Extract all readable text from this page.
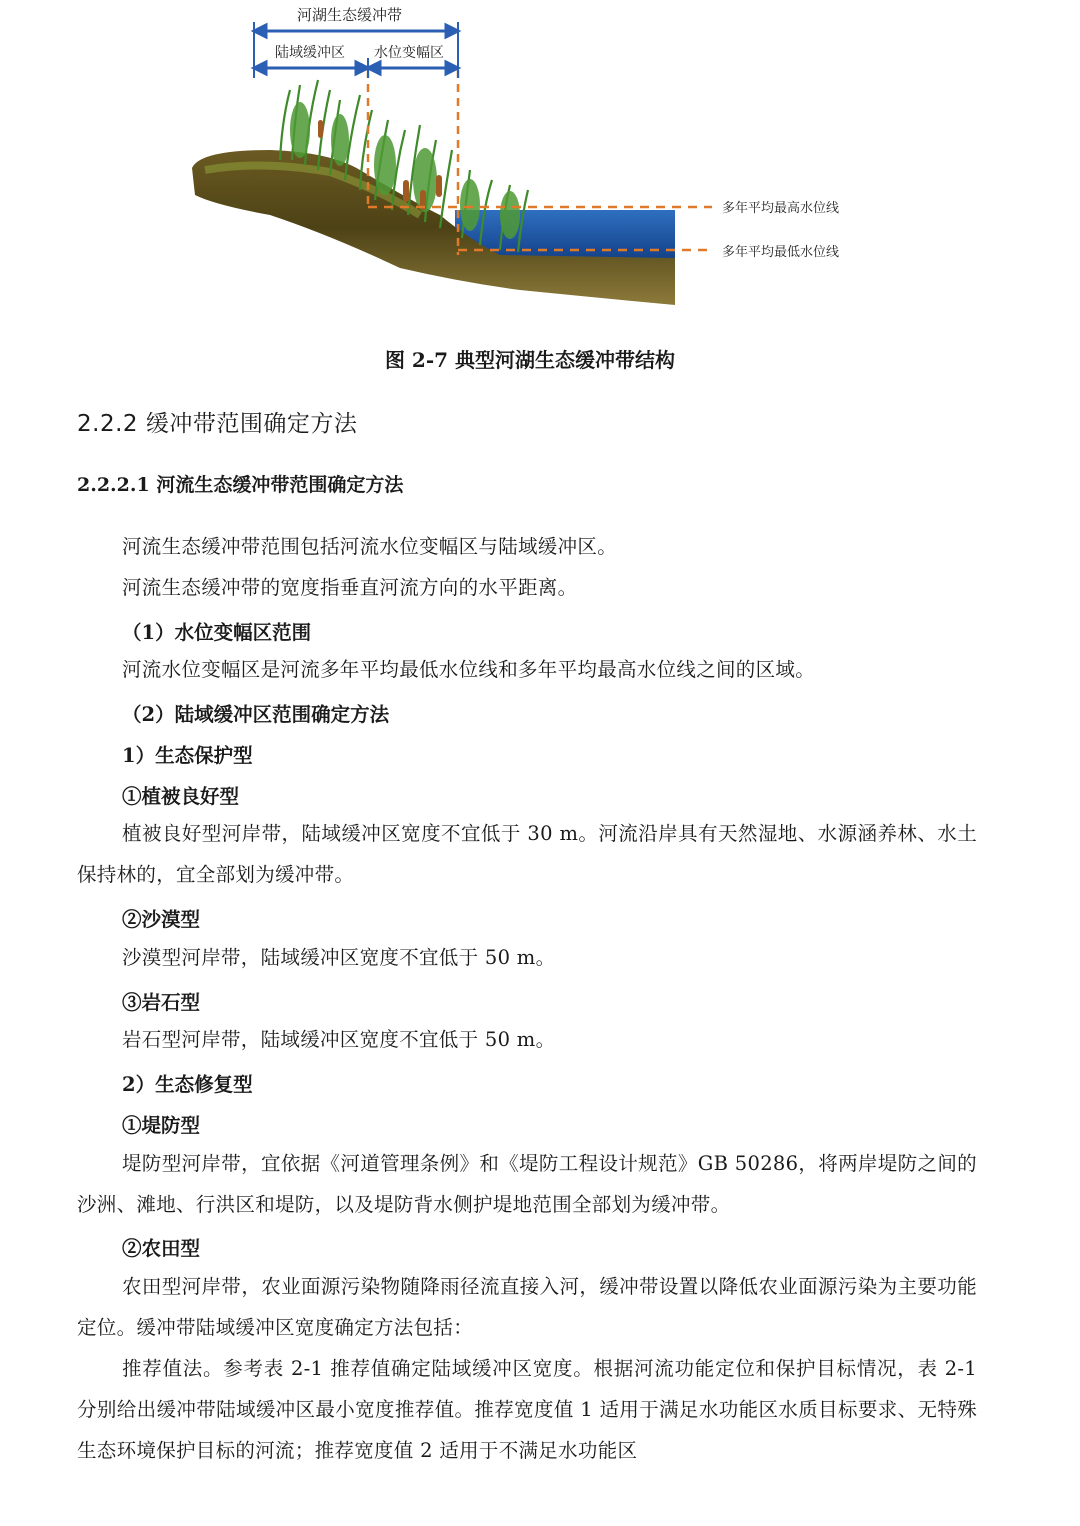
河湖生态缓冲带
陆域缓冲区 水位变幅区
多年平均最高水位线
多年平均最低水位线
图 2-7 典型河湖生态缓冲带结构
2.2.2 缓冲带范围确定方法
2.2.2.1 河流生态缓冲带范围确定方法
河流生态缓冲带范围包括河流水位变幅区与陆域缓冲区。
河流生态缓冲带的宽度指垂直河流方向的水平距离。
（1）水位变幅区范围
河流水位变幅区是河流多年平均最低水位线和多年平均最高水位线之间的区域。
（2）陆域缓冲区范围确定方法
1）生态保护型
①植被良好型
植被良好型河岸带，陆域缓冲区宽度不宜低于 30 m。河流沿岸具有天然湿地、水源涵养林、水土保持林的，宜全部划为缓冲带。
②沙漠型
沙漠型河岸带，陆域缓冲区宽度不宜低于 50 m。
③岩石型
岩石型河岸带，陆域缓冲区宽度不宜低于 50 m。
2）生态修复型
①堤防型
堤防型河岸带，宜依据《河道管理条例》和《堤防工程设计规范》GB 50286，将两岸堤防之间的沙洲、滩地、行洪区和堤防，以及堤防背水侧护堤地范围全部划为缓冲带。
②农田型
农田型河岸带，农业面源污染物随降雨径流直接入河，缓冲带设置以降低农业面源污染为主要功能定位。缓冲带陆域缓冲区宽度确定方法包括：
推荐值法。参考表 2-1 推荐值确定陆域缓冲区宽度。根据河流功能定位和保护目标情况，表 2-1 分别给出缓冲带陆域缓冲区最小宽度推荐值。推荐宽度值 1 适用于满足水功能区水质目标要求、无特殊生态环境保护目标的河流；推荐宽度值 2 适用于不满足水功能区
